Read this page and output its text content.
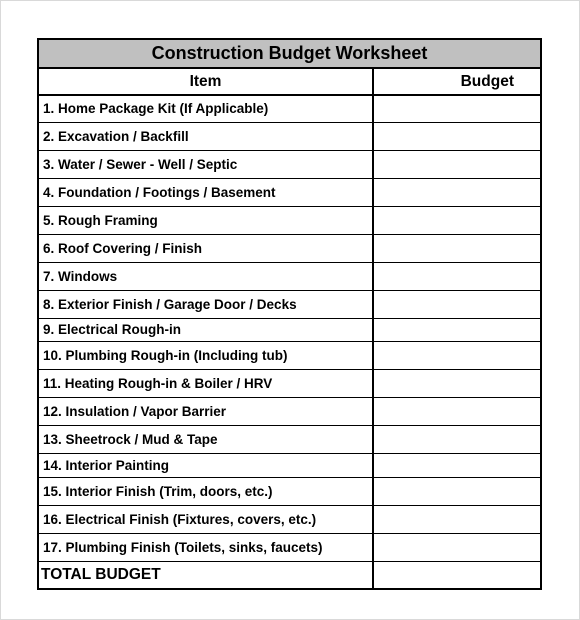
Construction Budget Worksheet
Item	Budget
1. Home Package Kit (If Applicable)	
2. Excavation / Backfill	
3. Water / Sewer - Well / Septic	
4. Foundation / Footings / Basement	
5. Rough Framing	
6. Roof Covering / Finish	
7. Windows	
8. Exterior Finish / Garage Door / Decks	
9. Electrical Rough-in	
10. Plumbing Rough-in (Including tub)	
11. Heating Rough-in & Boiler / HRV	
12. Insulation / Vapor Barrier	
13. Sheetrock / Mud & Tape	
14. Interior Painting	
15. Interior Finish (Trim, doors, etc.)	
16. Electrical Finish (Fixtures, covers, etc.)	
17. Plumbing Finish (Toilets, sinks, faucets)	
TOTAL BUDGET	
